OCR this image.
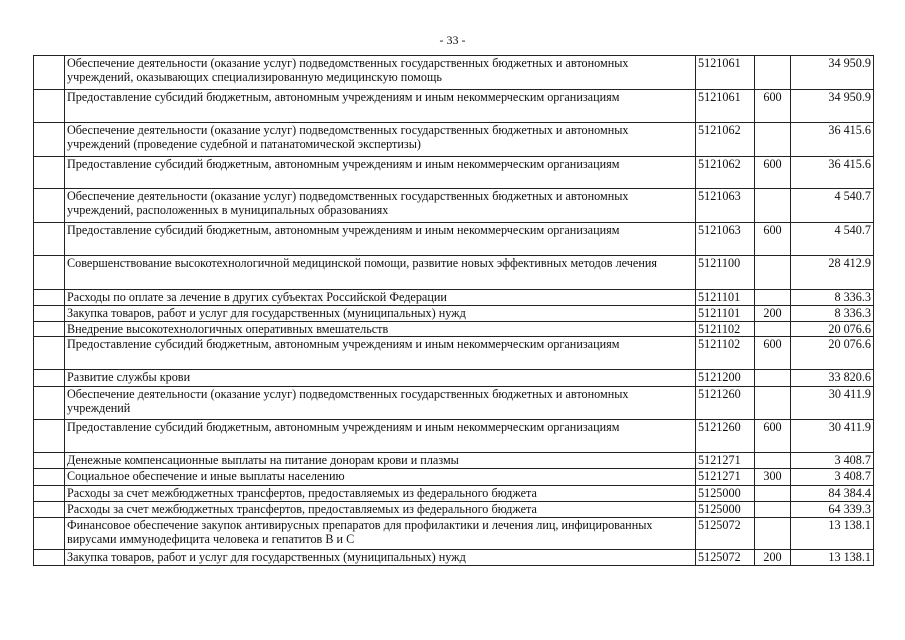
- 33 -
	Обеспечение деятельности (оказание услуг) подведомственных государственных бюджетных и автономных учреждений, оказывающих специализированную медицинскую помощь	5121061		34 950.9
	Предоставление субсидий бюджетным, автономным учреждениям и иным некоммерческим организациям	5121061	600	34 950.9
	Обеспечение деятельности (оказание услуг) подведомственных государственных бюджетных и автономных учреждений (проведение судебной и патанатомической экспертизы)	5121062		36 415.6
	Предоставление субсидий бюджетным, автономным учреждениям и иным некоммерческим организациям	5121062	600	36 415.6
	Обеспечение деятельности (оказание услуг) подведомственных государственных бюджетных и автономных учреждений, расположенных в муниципальных образованиях	5121063		4 540.7
	Предоставление субсидий бюджетным, автономным учреждениям и иным некоммерческим организациям	5121063	600	4 540.7
	Совершенствование высокотехнологичной медицинской помощи, развитие новых эффективных методов лечения	5121100		28 412.9
	Расходы по оплате за лечение в других субъектах Российской Федерации	5121101		8 336.3
	Закупка товаров, работ и услуг для государственных (муниципальных) нужд	5121101	200	8 336.3
	Внедрение высокотехнологичных оперативных вмешательств	5121102		20 076.6
	Предоставление субсидий бюджетным, автономным учреждениям и иным некоммерческим организациям	5121102	600	20 076.6
	Развитие службы крови	5121200		33 820.6
	Обеспечение деятельности (оказание услуг) подведомственных государственных бюджетных и автономных учреждений	5121260		30 411.9
	Предоставление субсидий бюджетным, автономным учреждениям и иным некоммерческим организациям	5121260	600	30 411.9
	Денежные компенсационные выплаты на питание донорам крови и плазмы	5121271		3 408.7
	Социальное обеспечение и иные выплаты населению	5121271	300	3 408.7
	Расходы за счет межбюджетных трансфертов, предоставляемых из федерального бюджета	5125000		84 384.4
	Расходы за счет межбюджетных трансфертов, предоставляемых из федерального бюджета	5125000		64 339.3
	Финансовое обеспечение закупок антивирусных препаратов для профилактики и лечения лиц, инфицированных вирусами иммунодефицита человека и гепатитов В и С	5125072		13 138.1
	Закупка товаров, работ и услуг для государственных (муниципальных) нужд	5125072	200	13 138.1
